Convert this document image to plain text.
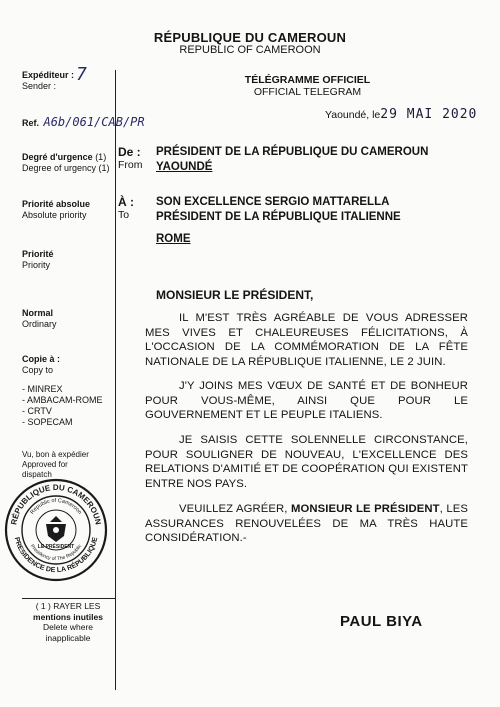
RÉPUBLIQUE DU CAMEROUN
REPUBLIC OF CAMEROON
Expéditeur :
Sender :
7
Ref. A6b/061/CAB/PR
Degré d'urgence (1)
Degree of urgency (1)
Priorité absolue
Absolute priority
Priorité
Priority
Normal
Ordinary
Copie à :
Copy to
- MINREX
- AMBACAM-ROME
- CRTV
- SOPECAM
Vu, bon à expédier
Approved for
dispatch
RÉPUBLIQUE DU CAMEROUN
PRESIDENCE DE LA RÉPUBLIQUE
Republic of Cameroon
Presidency of The Republic
LE PRÉSIDENT
( 1 ) RAYER LES
mentions inutiles
Delete where
inapplicable
TÉLÉGRAMME OFFICIEL
OFFICIAL TELEGRAM
Yaoundé, le29 MAI 2020
De :
From
PRÉSIDENT DE LA RÉPUBLIQUE DU CAMEROUN
YAOUNDÉ
À :
To
SON EXCELLENCE SERGIO MATTARELLA
PRÉSIDENT DE LA RÉPUBLIQUE ITALIENNE
ROME
MONSIEUR LE PRÉSIDENT,
IL M'EST TRÈS AGRÉABLE DE VOUS ADRESSER MES VIVES ET CHALEUREUSES FÉLICITATIONS, À L'OCCASION DE LA COMMÉMORATION DE LA FÊTE NATIONALE DE LA RÉPUBLIQUE ITALIENNE, LE 2 JUIN.
J'Y JOINS MES VŒUX DE SANTÉ ET DE BONHEUR POUR VOUS-MÊME, AINSI QUE POUR LE GOUVERNEMENT ET LE PEUPLE ITALIENS.
JE SAISIS CETTE SOLENNELLE CIRCONSTANCE, POUR SOULIGNER DE NOUVEAU, L'EXCELLENCE DES RELATIONS D'AMITIÉ ET DE COOPÉRATION QUI EXISTENT ENTRE NOS PAYS.
VEUILLEZ AGRÉER, MONSIEUR LE PRÉSIDENT, LES ASSURANCES RENOUVELÉES DE MA TRÈS HAUTE CONSIDÉRATION.-
PAUL BIYA
